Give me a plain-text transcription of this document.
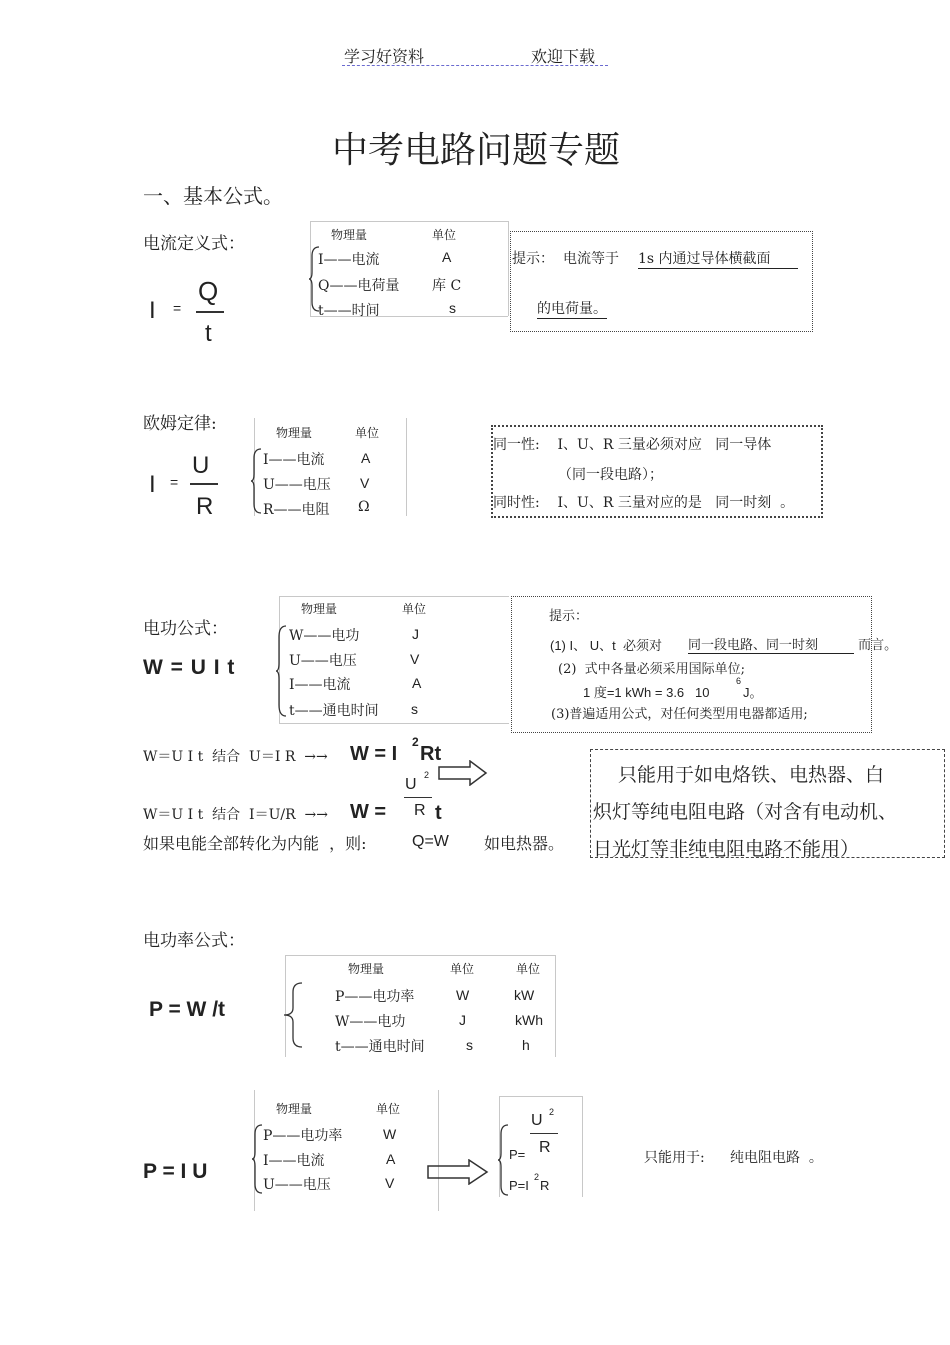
学习好资料	欢迎下载
中考电路问题专题
一、基本公式。
电流定义式：
I =
Q
t
物理量	单位
I——电流	A
Q——电荷量 库 C
t——时间	s
提示： 电流等于 1s 内通过导体横截面
的电荷量。
欧姆定律:
I =
U
R
物理量	单位
I——电流	A
U——电压 V
R——电阻 Ω
同一性:    I、U、R 三量必须对应   同一导体
（同一段电路）；
同时性:    I、U、R 三量对应的是   同一时刻  。
电功公式：
W = U I t
物理量	单位
W——电功	J
U——电压	V
I——电流	A
t——通电时间 s
提示：
(1) I、 U、t  必须对 同一段电路、同一时刻	而言。
(2)  式中各量必须采用国际单位;
1 度=1 kWh = 3.6   10
6
J。
(3)普遍适用公式，对任何类型用电器都适用;
W＝U I t  结合  U＝I R  →→ W = I
2
Rt
W＝U I t  结合  I＝U/R  →→ W =
U
2
R t
如果电能全部转化为内能  ，则:	Q=W 如电热器。
只能用于如电烙铁、电热器、白
炽灯等纯电阻电路（对含有电动机、
日光灯等非纯电阻电路不能用）
电功率公式：
P = W /t
物理量	单位	单位
P——电功率	W	kW
W——电功	J	kWh
t——通电时间	s	h
P = I U
物理量	单位
P——电功率	W
I——电流	A
U——电压	V
P=
U 2
R
P=I
2
R
只能用于: 纯电阻电路  。
